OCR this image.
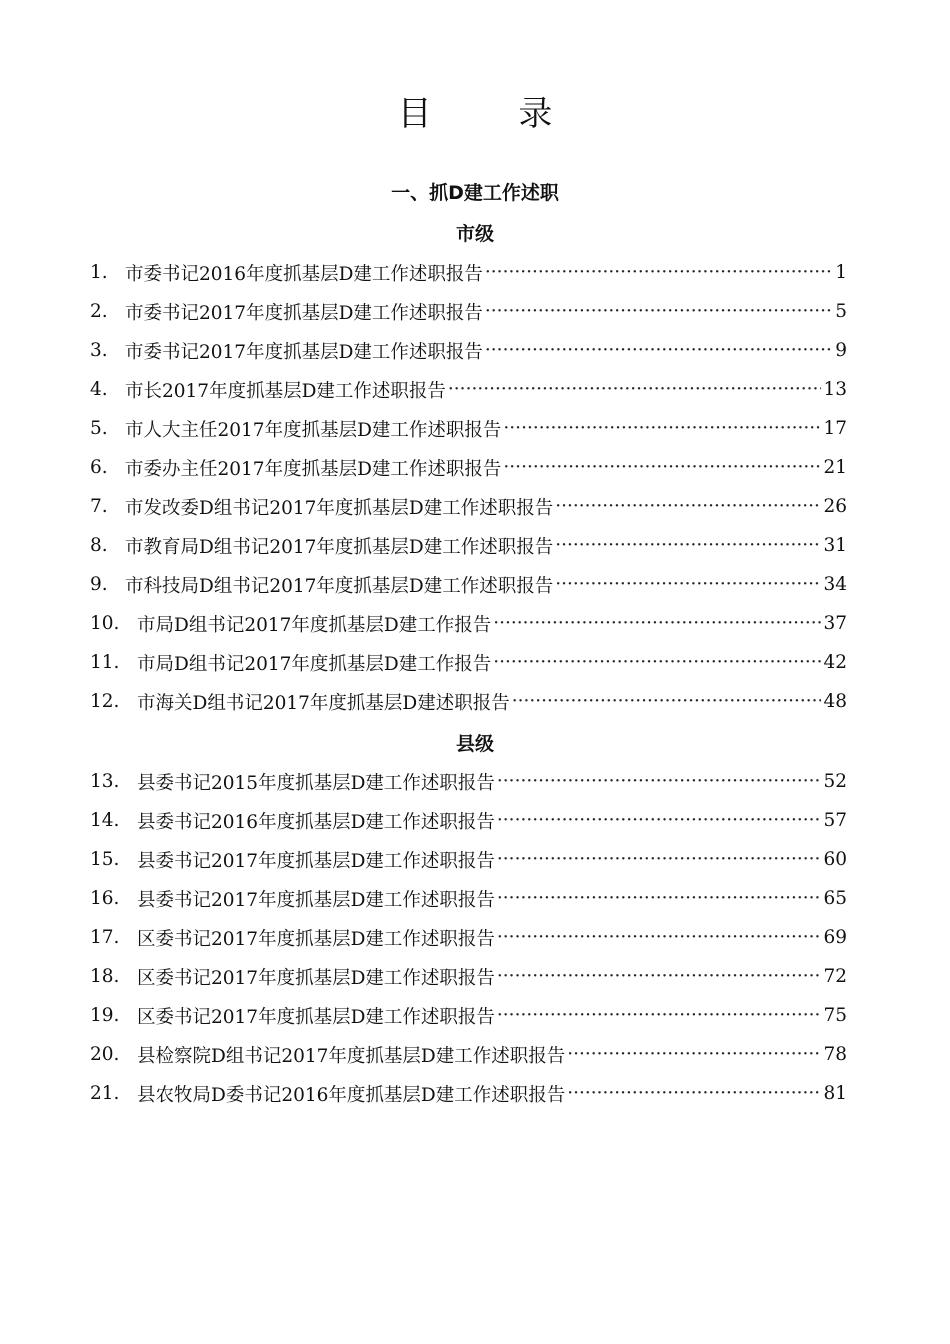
目 录
一、抓D建工作述职
市级
1. 市委书记2016年度抓基层D建工作述职报告 ·····	1
2. 市委书记2017年度抓基层D建工作述职报告 ·····	5
3. 市委书记2017年度抓基层D建工作述职报告 ·····	9
4. 市长2017年度抓基层D建工作述职报告 ·····	13
5. 市人大主任2017年度抓基层D建工作述职报告 ·····	17
6. 市委办主任2017年度抓基层D建工作述职报告 ·····	21
7. 市发改委D组书记2017年度抓基层D建工作述职报告 ·····	26
8. 市教育局D组书记2017年度抓基层D建工作述职报告 ·····	31
9. 市科技局D组书记2017年度抓基层D建工作述职报告 ·····	34
10. 市局D组书记2017年度抓基层D建工作报告 ·····	37
11. 市局D组书记2017年度抓基层D建工作报告 ·····	42
12. 市海关D组书记2017年度抓基层D建述职报告 ·····	48
县级
13. 县委书记2015年度抓基层D建工作述职报告 ·····	52
14. 县委书记2016年度抓基层D建工作述职报告 ·····	57
15. 县委书记2017年度抓基层D建工作述职报告 ·····	60
16. 县委书记2017年度抓基层D建工作述职报告 ·····	65
17. 区委书记2017年度抓基层D建工作述职报告 ·····	69
18. 区委书记2017年度抓基层D建工作述职报告 ·····	72
19. 区委书记2017年度抓基层D建工作述职报告 ·····	75
20. 县检察院D组书记2017年度抓基层D建工作述职报告 ·····	78
21. 县农牧局D委书记2016年度抓基层D建工作述职报告 ·····	81
